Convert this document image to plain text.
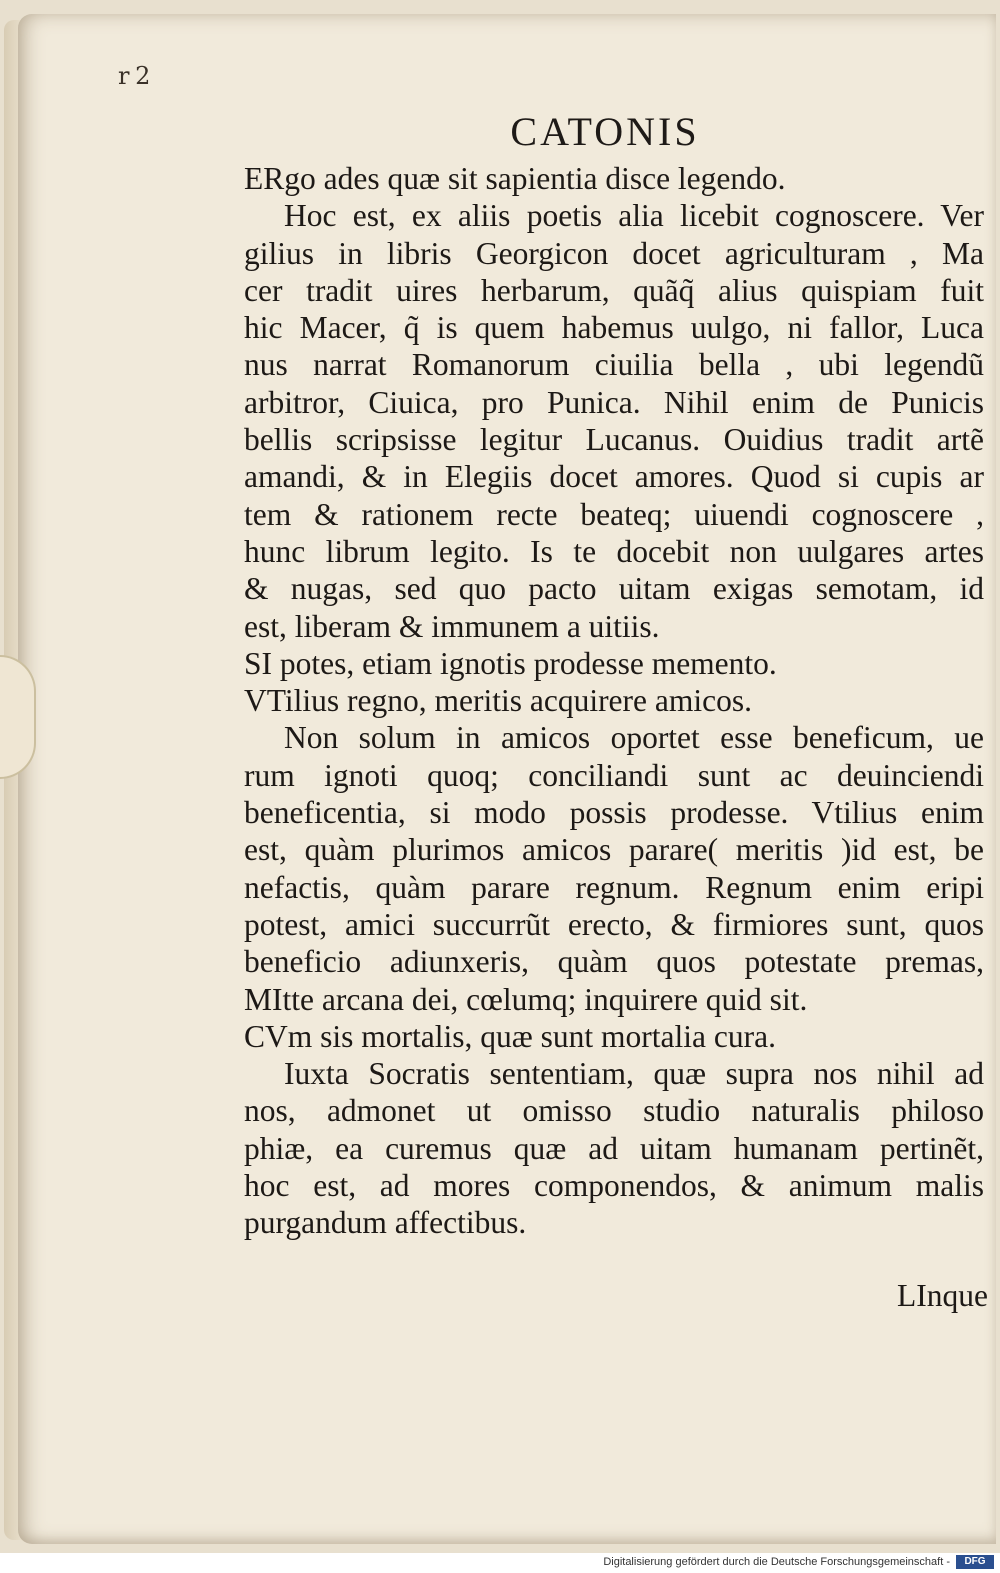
r 2
CATONIS
ERgo ades quæ sit sapientia disce legendo.
Hoc est, ex aliis poetis alia licebit cognoscere. Ver
gilius in libris Georgicon docet agriculturam , Ma
cer tradit uires herbarum, quãq̃ alius quispiam fuit
hic Macer, q̃ is quem habemus uulgo, ni fallor, Luca
nus narrat Romanorum ciuilia bella , ubi legendũ
arbitror, Ciuica, pro Punica. Nihil enim de Punicis
bellis scripsisse legitur Lucanus. Ouidius tradit artẽ
amandi, & in Elegiis docet amores. Quod si cupis ar
tem & rationem recte beateq; uiuendi cognoscere ,
hunc librum legito. Is te docebit non uulgares artes
& nugas, sed quo pacto uitam exigas semotam, id
est, liberam & immunem a uitiis.
SI potes, etiam ignotis prodesse memento.
VTilius regno, meritis acquirere amicos.
Non solum in amicos oportet esse beneficum, ue
rum ignoti quoq; conciliandi sunt ac deuinciendi
beneficentia, si modo possis prodesse. Vtilius enim
est, quàm plurimos amicos parare( meritis )id est, be
nefactis, quàm parare regnum. Regnum enim eripi
potest, amici succurrũt erecto, & firmiores sunt, quos
beneficio adiunxeris, quàm quos potestate premas,
MItte arcana dei, cœlumq; inquirere quid sit.
CVm sis mortalis, quæ sunt mortalia cura.
Iuxta Socratis sententiam, quæ supra nos nihil ad
nos, admonet ut omisso studio naturalis philoso
phiæ, ea curemus quæ ad uitam humanam pertinẽt,
hoc est, ad mores componendos, & animum malis
purgandum affectibus.
LInque
Digitalisierung gefördert durch die Deutsche Forschungsgemeinschaft -	DFG
